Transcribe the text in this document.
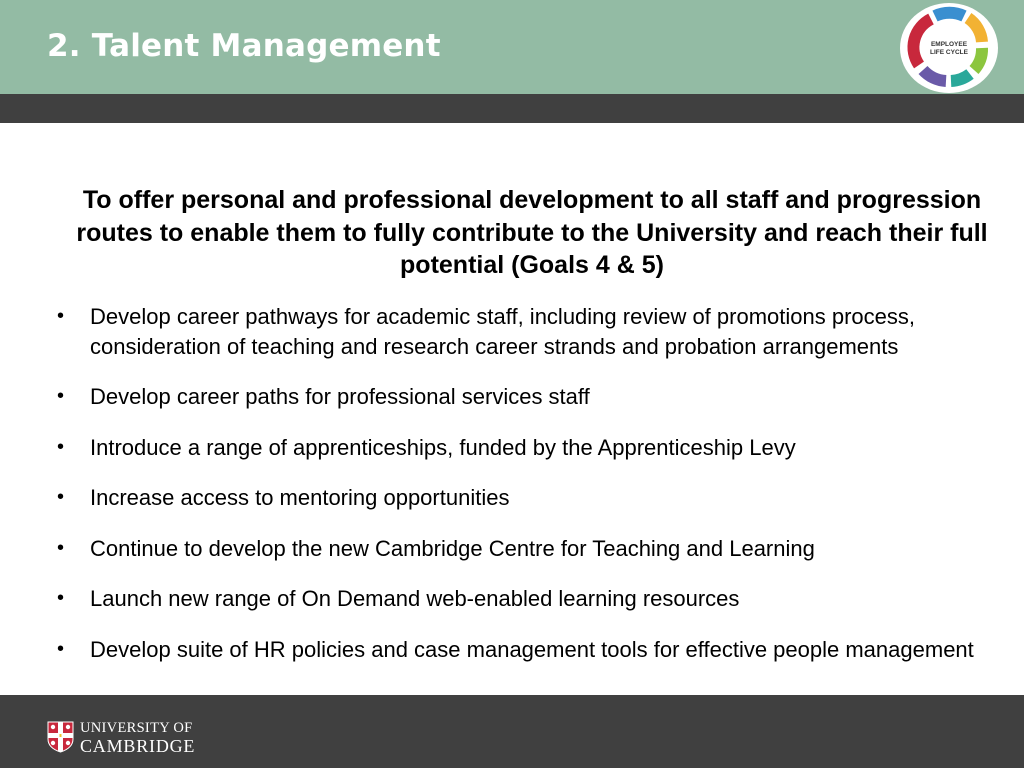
2. Talent Management	EMPLOYEE
LIFE CYCLE
To offer personal and professional development to all staff and progression routes to enable them to fully contribute to the University and reach their full potential (Goals 4 & 5)
• Develop career pathways for academic staff, including review of promotions process, consideration of teaching and research career strands and probation arrangements
• Develop career paths for professional services staff
• Introduce a range of apprenticeships, funded by the Apprenticeship Levy
• Increase access to mentoring opportunities
• Continue to develop the new Cambridge Centre for Teaching and Learning
• Launch new range of On Demand web-enabled learning resources
• Develop suite of HR policies and case management tools for effective people management
UNIVERSITY OF
CAMBRIDGE
